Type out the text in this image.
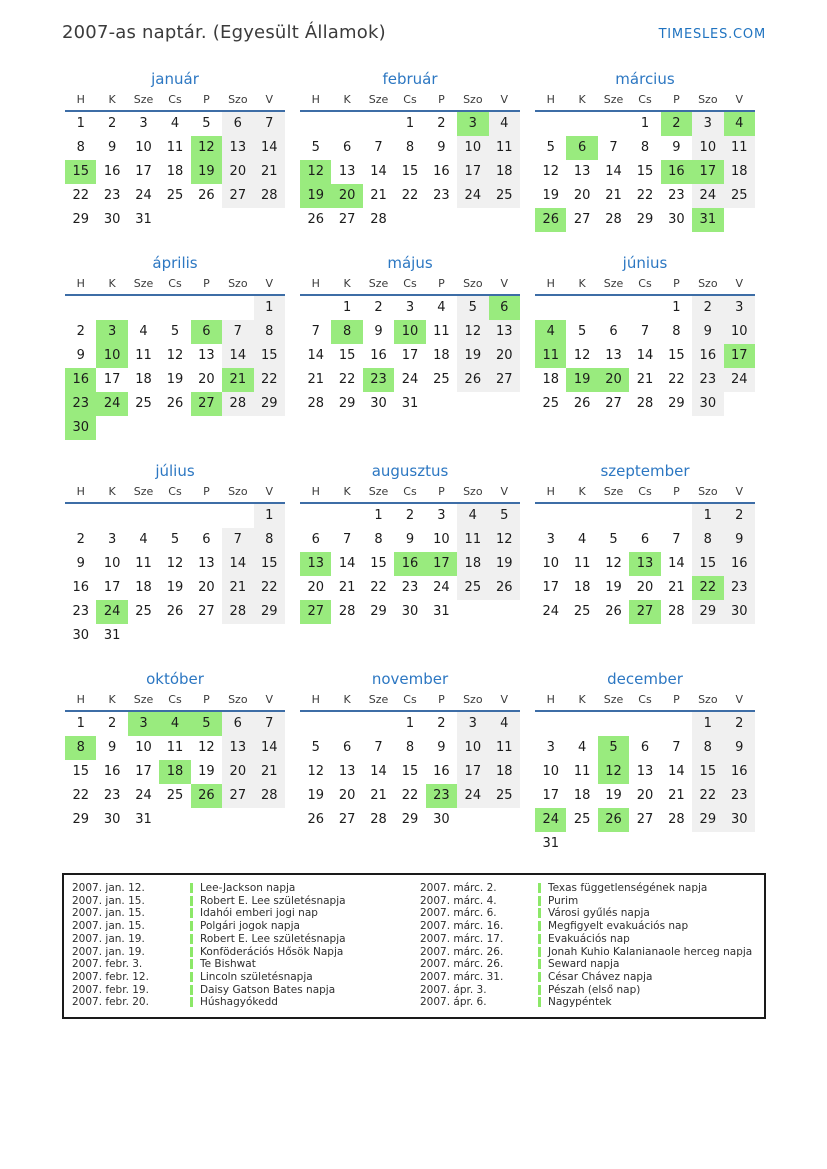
2007-as naptár. (Egyesült Államok)	TIMESLES.COM
január
H	K	Sze	Cs	P	Szo	V
1	2	3	4	5	6	7
8	9	10	11	12	13	14
15	16	17	18	19	20	21
22	23	24	25	26	27	28
29	30	31				
február
H	K	Sze	Cs	P	Szo	V
			1	2	3	4
5	6	7	8	9	10	11
12	13	14	15	16	17	18
19	20	21	22	23	24	25
26	27	28				
március
H	K	Sze	Cs	P	Szo	V
			1	2	3	4
5	6	7	8	9	10	11
12	13	14	15	16	17	18
19	20	21	22	23	24	25
26	27	28	29	30	31	
április
H	K	Sze	Cs	P	Szo	V
						1
2	3	4	5	6	7	8
9	10	11	12	13	14	15
16	17	18	19	20	21	22
23	24	25	26	27	28	29
30						
május
H	K	Sze	Cs	P	Szo	V
	1	2	3	4	5	6
7	8	9	10	11	12	13
14	15	16	17	18	19	20
21	22	23	24	25	26	27
28	29	30	31			
június
H	K	Sze	Cs	P	Szo	V
				1	2	3
4	5	6	7	8	9	10
11	12	13	14	15	16	17
18	19	20	21	22	23	24
25	26	27	28	29	30	
július
H	K	Sze	Cs	P	Szo	V
						1
2	3	4	5	6	7	8
9	10	11	12	13	14	15
16	17	18	19	20	21	22
23	24	25	26	27	28	29
30	31					
augusztus
H	K	Sze	Cs	P	Szo	V
		1	2	3	4	5
6	7	8	9	10	11	12
13	14	15	16	17	18	19
20	21	22	23	24	25	26
27	28	29	30	31		
szeptember
H	K	Sze	Cs	P	Szo	V
					1	2
3	4	5	6	7	8	9
10	11	12	13	14	15	16
17	18	19	20	21	22	23
24	25	26	27	28	29	30
október
H	K	Sze	Cs	P	Szo	V
1	2	3	4	5	6	7
8	9	10	11	12	13	14
15	16	17	18	19	20	21
22	23	24	25	26	27	28
29	30	31				
november
H	K	Sze	Cs	P	Szo	V
			1	2	3	4
5	6	7	8	9	10	11
12	13	14	15	16	17	18
19	20	21	22	23	24	25
26	27	28	29	30		
december
H	K	Sze	Cs	P	Szo	V
					1	2
3	4	5	6	7	8	9
10	11	12	13	14	15	16
17	18	19	20	21	22	23
24	25	26	27	28	29	30
31						
2007. jan. 12.	Lee-Jackson napja
2007. jan. 15.	Robert E. Lee születésnapja
2007. jan. 15.	Idahói emberi jogi nap
2007. jan. 15.	Polgári jogok napja
2007. jan. 19.	Robert E. Lee születésnapja
2007. jan. 19.	Konföderációs Hősök Napja
2007. febr. 3.	Te Bishwat
2007. febr. 12.	Lincoln születésnapja
2007. febr. 19.	Daisy Gatson Bates napja
2007. febr. 20.	Húshagyókedd
2007. márc. 2.	Texas függetlenségének napja
2007. márc. 4.	Purim
2007. márc. 6.	Városi gyűlés napja
2007. márc. 16.	Megfigyelt evakuációs nap
2007. márc. 17.	Evakuációs nap
2007. márc. 26.	Jonah Kuhio Kalanianaole herceg napja
2007. márc. 26.	Seward napja
2007. márc. 31.	César Chávez napja
2007. ápr. 3.	Pészah (első nap)
2007. ápr. 6.	Nagypéntek
